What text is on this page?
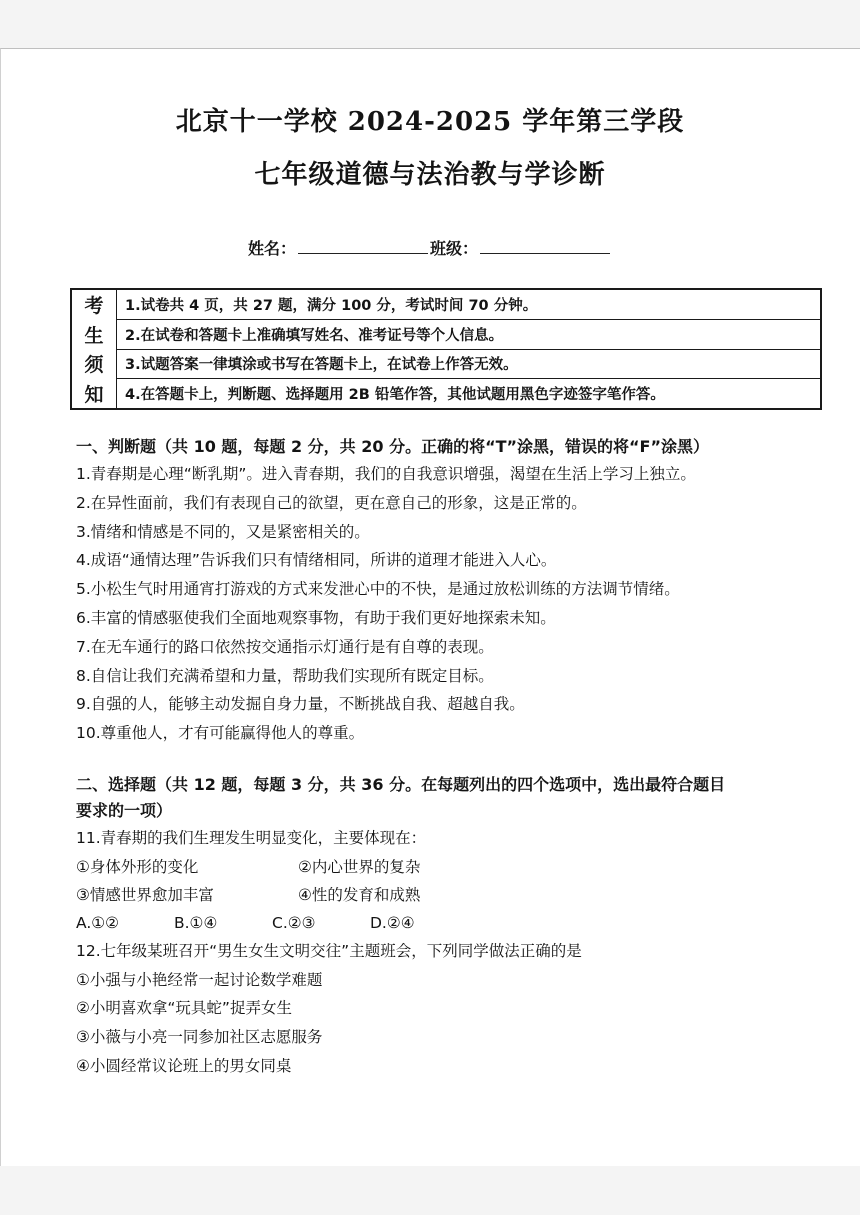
北京十一学校 2024-2025 学年第三学段
七年级道德与法治教与学诊断
姓名：	班级：
考
生
须
知
1.试卷共 4 页，共 27 题，满分 100 分，考试时间 70 分钟。
2.在试卷和答题卡上准确填写姓名、准考证号等个人信息。
3.试题答案一律填涂或书写在答题卡上，在试卷上作答无效。
4.在答题卡上，判断题、选择题用 2B 铅笔作答，其他试题用黑色字迹签字笔作答。
一、判断题（共 10 题，每题 2 分，共 20 分。正确的将“T”涂黑，错误的将“F”涂黑）
1.青春期是心理“断乳期”。进入青春期，我们的自我意识增强，渴望在生活上学习上独立。
2.在异性面前，我们有表现自己的欲望，更在意自己的形象，这是正常的。
3.情绪和情感是不同的，又是紧密相关的。
4.成语“通情达理”告诉我们只有情绪相同，所讲的道理才能进入人心。
5.小松生气时用通宵打游戏的方式来发泄心中的不快，是通过放松训练的方法调节情绪。
6.丰富的情感驱使我们全面地观察事物，有助于我们更好地探索未知。
7.在无车通行的路口依然按交通指示灯通行是有自尊的表现。
8.自信让我们充满希望和力量，帮助我们实现所有既定目标。
9.自强的人，能够主动发掘自身力量，不断挑战自我、超越自我。
10.尊重他人，才有可能赢得他人的尊重。
二、选择题（共 12 题，每题 3 分，共 36 分。在每题列出的四个选项中，选出最符合题目
要求的一项）
11.青春期的我们生理发生明显变化，主要体现在：
①身体外形的变化	②内心世界的复杂
③情感世界愈加丰富	④性的发育和成熟
A.①②	B.①④	C.②③	D.②④
12.七年级某班召开“男生女生文明交往”主题班会，下列同学做法正确的是
①小强与小艳经常一起讨论数学难题
②小明喜欢拿“玩具蛇”捉弄女生
③小薇与小亮一同参加社区志愿服务
④小圆经常议论班上的男女同桌
